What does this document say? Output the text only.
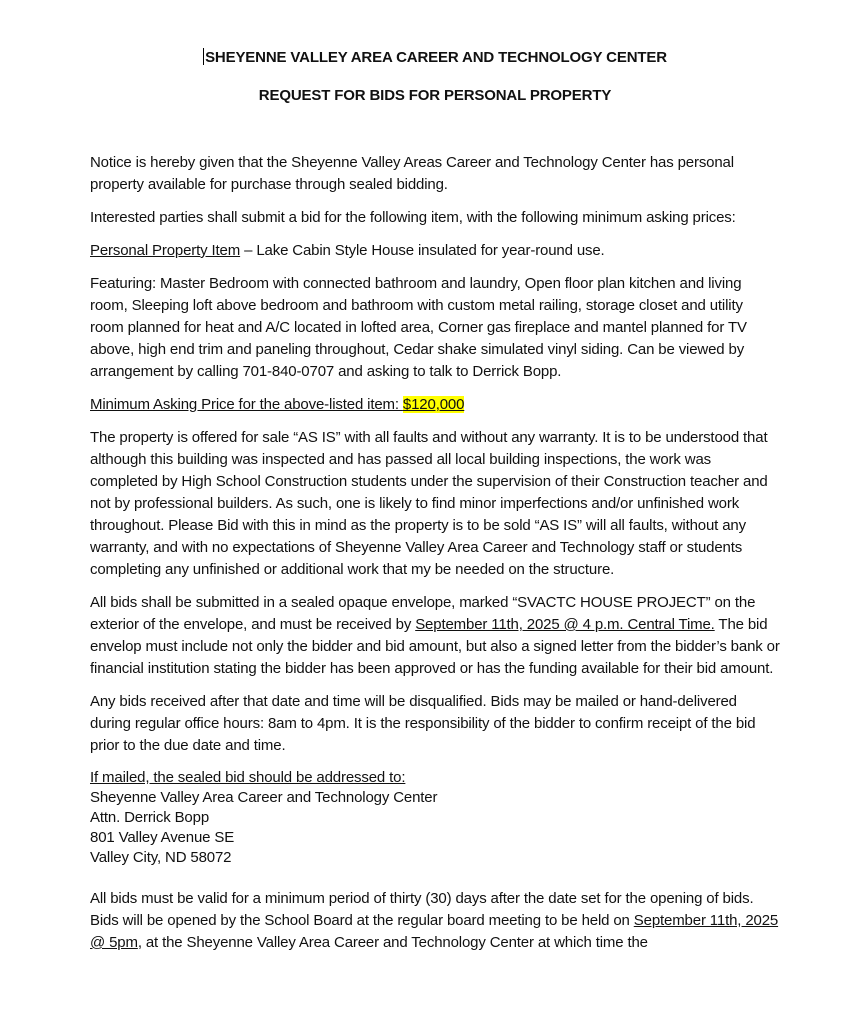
SHEYENNE VALLEY AREA CAREER AND TECHNOLOGY CENTER

REQUEST FOR BIDS FOR PERSONAL PROPERTY

Notice is hereby given that the Sheyenne Valley Areas Career and Technology Center has personal property available for purchase through sealed bidding.

Interested parties shall submit a bid for the following item, with the following minimum asking prices:

Personal Property Item – Lake Cabin Style House insulated for year-round use.

Featuring: Master Bedroom with connected bathroom and laundry, Open floor plan kitchen and living room, Sleeping loft above bedroom and bathroom with custom metal railing, storage closet and utility room planned for heat and A/C located in lofted area, Corner gas fireplace and mantel planned for TV above, high end trim and paneling throughout, Cedar shake simulated vinyl siding. Can be viewed by arrangement by calling 701-840-0707 and asking to talk to Derrick Bopp.

Minimum Asking Price for the above-listed item: $120,000

The property is offered for sale “AS IS” with all faults and without any warranty. It is to be understood that although this building was inspected and has passed all local building inspections, the work was completed by High School Construction students under the supervision of their Construction teacher and not by professional builders. As such, one is likely to find minor imperfections and/or unfinished work throughout. Please Bid with this in mind as the property is to be sold “AS IS” will all faults, without any warranty, and with no expectations of Sheyenne Valley Area Career and Technology staff or students completing any unfinished or additional work that my be needed on the structure.

All bids shall be submitted in a sealed opaque envelope, marked “SVACTC HOUSE PROJECT” on the exterior of the envelope, and must be received by September 11th, 2025 @ 4 p.m. Central Time. The bid envelop must include not only the bidder and bid amount, but also a signed letter from the bidder’s bank or financial institution stating the bidder has been approved or has the funding available for their bid amount.

Any bids received after that date and time will be disqualified. Bids may be mailed or hand-delivered during regular office hours: 8am to 4pm. It is the responsibility of the bidder to confirm receipt of the bid prior to the due date and time.

If mailed, the sealed bid should be addressed to:

Sheyenne Valley Area Career and Technology Center

Attn. Derrick Bopp

801 Valley Avenue SE

Valley City, ND 58072

All bids must be valid for a minimum period of thirty (30) days after the date set for the opening of bids. Bids will be opened by the School Board at the regular board meeting to be held on September 11th, 2025 @ 5pm, at the Sheyenne Valley Area Career and Technology Center at which time the
